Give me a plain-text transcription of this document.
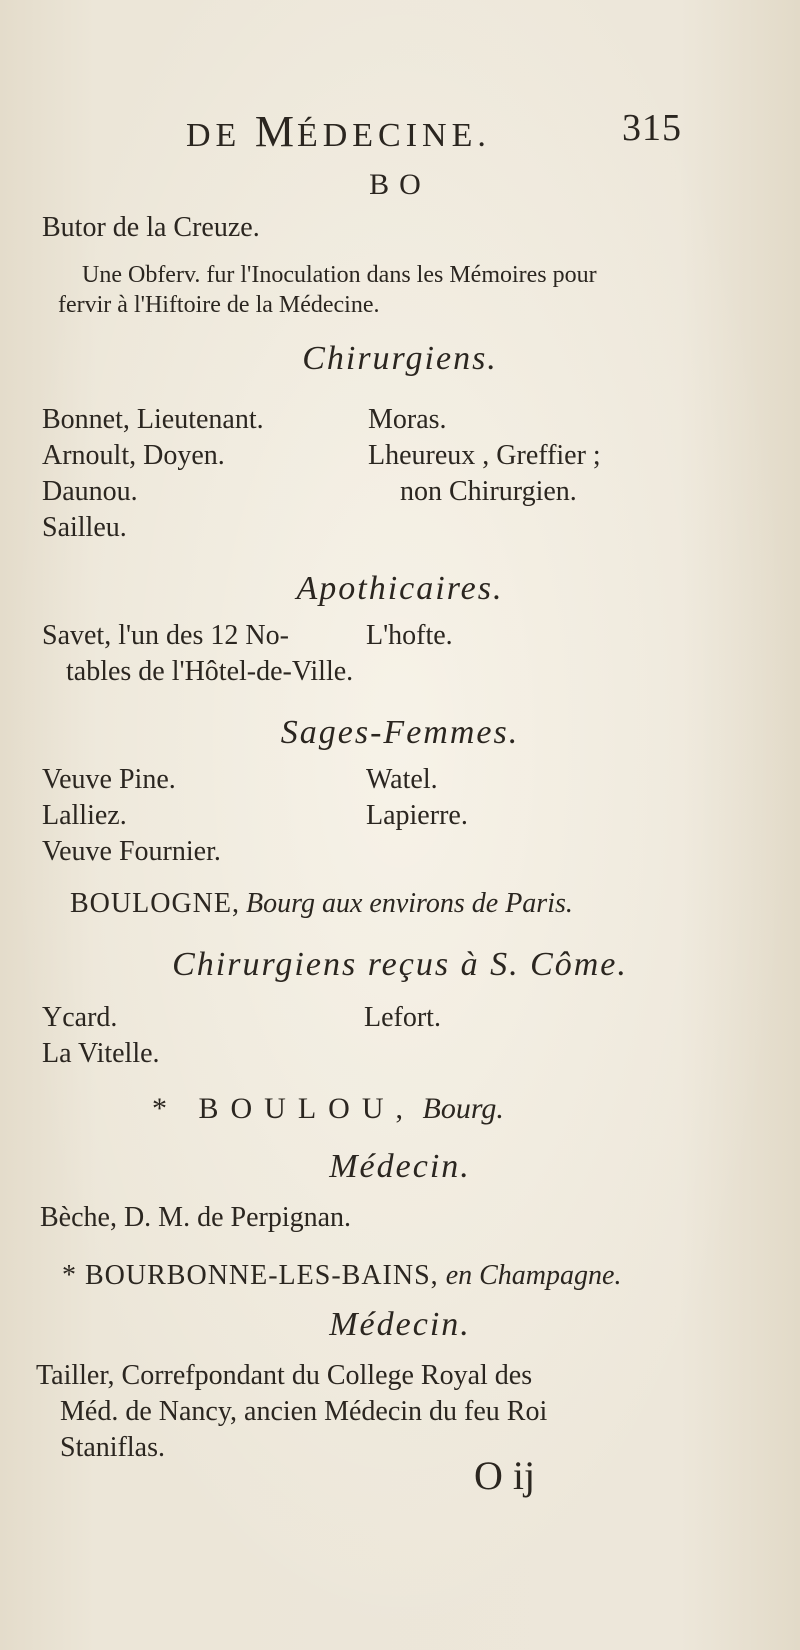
DE MÉDECINE.	315
BO
Butor de la Creuze.
Une Obferv. fur l'Inoculation dans les Mémoires pour
fervir à l'Hiftoire de la Médecine.
Chirurgiens.
Bonnet, Lieutenant.
Arnoult, Doyen.
Daunou.
Sailleu.
Moras.
Lheureux , Greffier ;
non Chirurgien.
Apothicaires.
Savet, l'un des 12 No-
tables de l'Hôtel-de-Ville.
L'hofte.
Sages-Femmes.
Veuve Pine.
Lalliez.
Veuve Fournier.
Watel.
Lapierre.
BOULOGNE, Bourg aux environs de Paris.
Chirurgiens reçus à S. Côme.
Ycard.
La Vitelle.
Lefort.
* BOULOU, Bourg.
Médecin.
Bèche, D. M. de Perpignan.
* BOURBONNE-LES-BAINS, en Champagne.
Médecin.
Tailler, Correfpondant du College Royal des
Méd. de Nancy, ancien Médecin du feu Roi
Staniflas.
O ij
